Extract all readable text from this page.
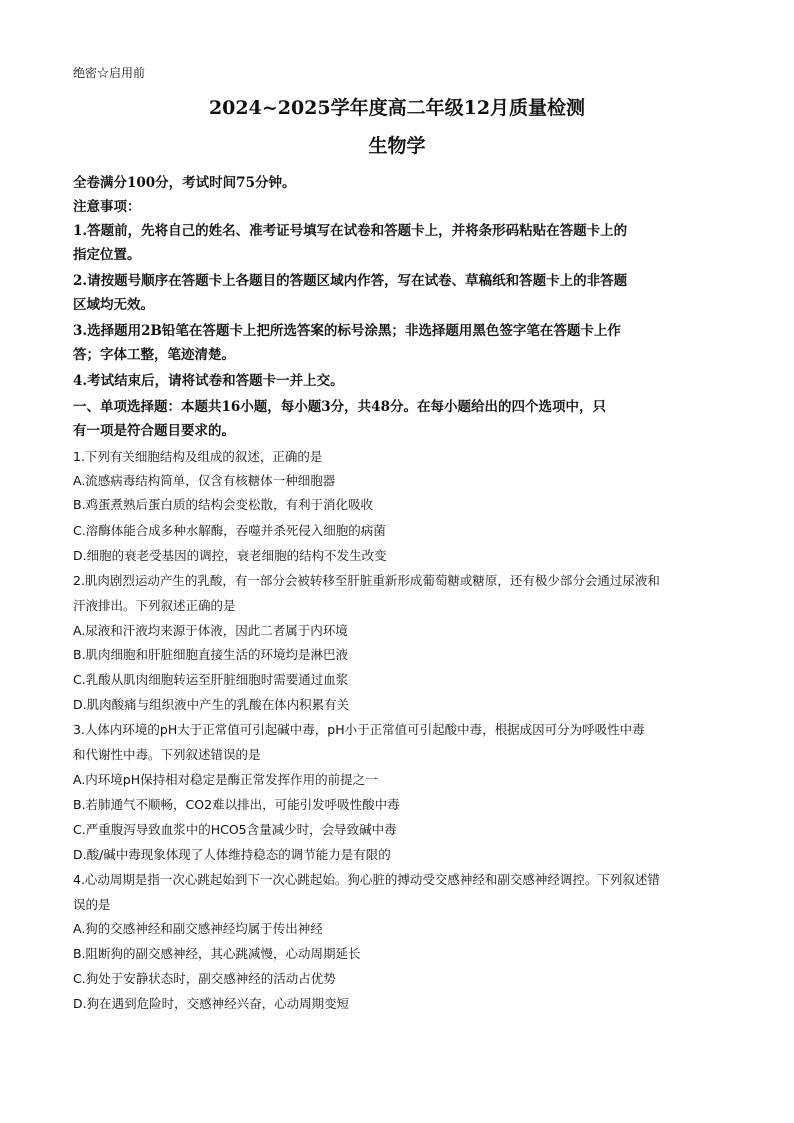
绝密☆启用前
2024~2025学年度高二年级12月质量检测
生物学
全卷满分100分，考试时间75分钟。
注意事项：
1.答题前，先将自己的姓名、准考证号填写在试卷和答题卡上，并将条形码粘贴在答题卡上的
指定位置。
2.请按题号顺序在答题卡上各题目的答题区域内作答，写在试卷、草稿纸和答题卡上的非答题
区域均无效。
3.选择题用2B铅笔在答题卡上把所选答案的标号涂黑；非选择题用黑色签字笔在答题卡上作
答；字体工整，笔迹清楚。
4.考试结束后，请将试卷和答题卡一并上交。
一、单项选择题：本题共16小题，每小题3分，共48分。在每小题给出的四个选项中，只
有一项是符合题目要求的。
1.下列有关细胞结构及组成的叙述，正确的是
A.流感病毒结构简单，仅含有核糖体一种细胞器
B.鸡蛋煮熟后蛋白质的结构会变松散，有利于消化吸收
C.溶酶体能合成多种水解酶，吞噬并杀死侵入细胞的病菌
D.细胞的衰老受基因的调控，衰老细胞的结构不发生改变
2.肌肉剧烈运动产生的乳酸，有一部分会被转移至肝脏重新形成葡萄糖或糖原，还有极少部分会通过尿液和
汗液排出。下列叙述正确的是
A.尿液和汗液均来源于体液，因此二者属于内环境
B.肌肉细胞和肝脏细胞直接生活的环境均是淋巴液
C.乳酸从肌肉细胞转运至肝脏细胞时需要通过血浆
D.肌肉酸痛与组织液中产生的乳酸在体内积累有关
3.人体内环境的pH大于正常值可引起碱中毒，pH小于正常值可引起酸中毒，根据成因可分为呼吸性中毒
和代谢性中毒。下列叙述错误的是
A.内环境pH保持相对稳定是酶正常发挥作用的前提之一
B.若肺通气不顺畅，CO2难以排出，可能引发呼吸性酸中毒
C.严重腹泻导致血浆中的HCO5含量减少时，会导致碱中毒
D.酸/碱中毒现象体现了人体维持稳态的调节能力是有限的
4.心动周期是指一次心跳起始到下一次心跳起始。狗心脏的搏动受交感神经和副交感神经调控。下列叙述错
误的是
A.狗的交感神经和副交感神经均属于传出神经
B.阻断狗的副交感神经，其心跳减慢，心动周期延长
C.狗处于安静状态时，副交感神经的活动占优势
D.狗在遇到危险时，交感神经兴奋，心动周期变短
